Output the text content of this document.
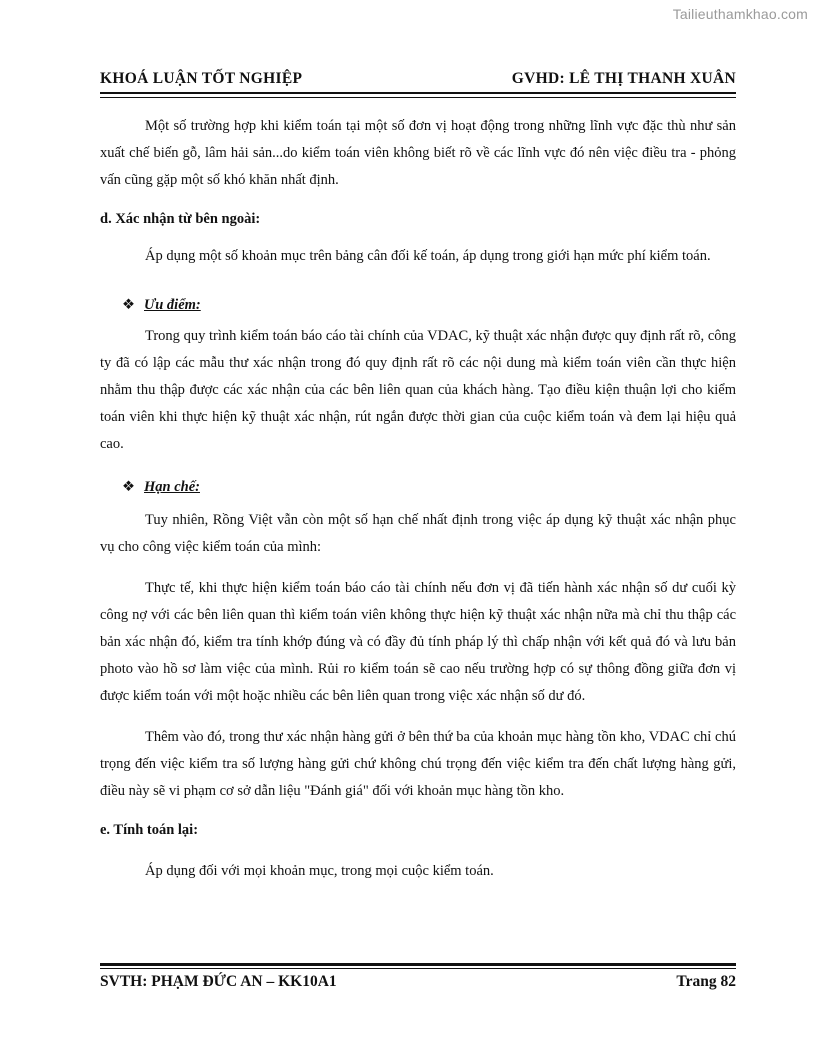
Tailieuthamkhao.com
KHOÁ LUẬN TỐT NGHIỆP	GVHD: LÊ THỊ THANH XUÂN

Một số trường hợp khi kiểm toán tại một số đơn vị hoạt động trong những lĩnh vực đặc thù như sản xuất chế biến gỗ, lâm hải sản...do kiểm toán viên không biết rõ về các lĩnh vực đó nên việc điều tra - phỏng vấn cũng gặp một số khó khăn nhất định.

d. Xác nhận từ bên ngoài:

Áp dụng một số khoản mục trên bảng cân đối kế toán, áp dụng trong giới hạn mức phí kiểm toán.

❖ Ưu điểm:

Trong quy trình kiểm toán báo cáo tài chính của VDAC, kỹ thuật xác nhận được quy định rất rõ, công ty đã có lập các mẫu thư xác nhận trong đó quy định rất rõ các nội dung mà kiểm toán viên cần thực hiện nhằm thu thập được các xác nhận của các bên liên quan của khách hàng. Tạo điều kiện thuận lợi cho kiểm toán viên khi thực hiện kỹ thuật xác nhận, rút ngắn được thời gian của cuộc kiểm toán và đem lại hiệu quả cao.

❖ Hạn chế:

Tuy nhiên, Rồng Việt vẫn còn một số hạn chế nhất định trong việc áp dụng kỹ thuật xác nhận phục vụ cho công việc kiểm toán của mình:

Thực tế, khi thực hiện kiểm toán báo cáo tài chính nếu đơn vị đã tiến hành xác nhận số dư cuối kỳ công nợ với các bên liên quan thì kiểm toán viên không thực hiện kỹ thuật xác nhận nữa mà chỉ thu thập các bản xác nhận đó, kiểm tra tính khớp đúng và có đầy đủ tính pháp lý thì chấp nhận với kết quả đó và lưu bản photo vào hồ sơ làm việc của mình. Rủi ro kiểm toán sẽ cao nếu trường hợp có sự thông đồng giữa đơn vị được kiểm toán với một hoặc nhiều các bên liên quan trong việc xác nhận số dư đó.

Thêm vào đó, trong thư xác nhận hàng gửi ở bên thứ ba của khoản mục hàng tồn kho, VDAC chỉ chú trọng đến việc kiểm tra số lượng hàng gửi chứ không chú trọng đến việc kiểm tra đến chất lượng hàng gửi, điều này sẽ vi phạm cơ sở dẫn liệu "Đánh giá" đối với khoản mục hàng tồn kho.

e. Tính toán lại:

Áp dụng đối với mọi khoản mục, trong mọi cuộc kiểm toán.

SVTH: PHẠM ĐỨC AN – KK10A1	Trang 82
